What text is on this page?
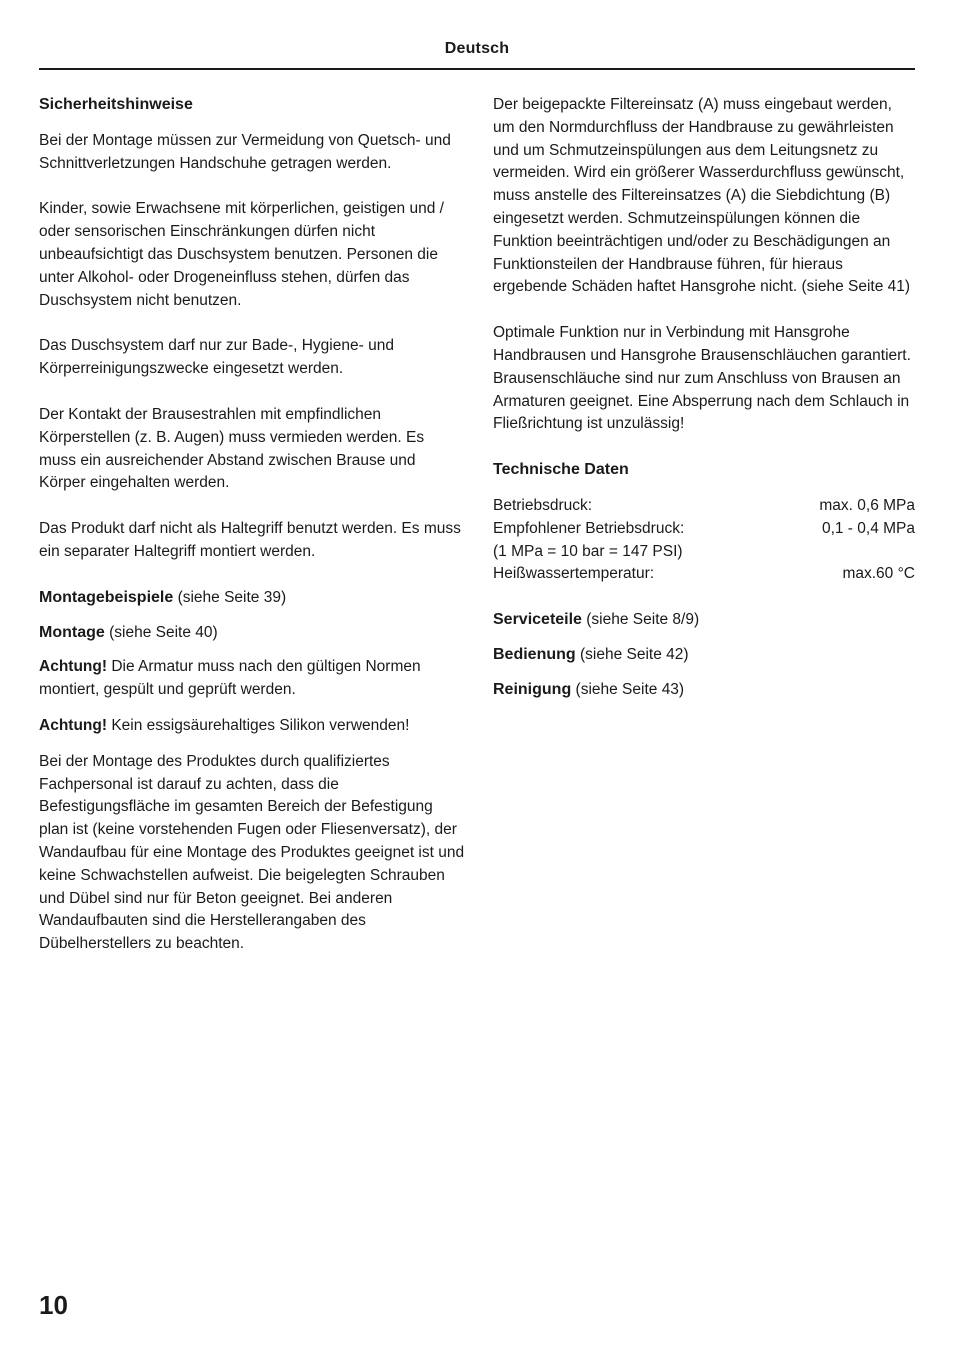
Deutsch
Sicherheitshinweise

Bei der Montage müssen zur Vermeidung von Quetsch- und Schnittverletzungen Handschuhe getragen werden.

Kinder, sowie Erwachsene mit körperlichen, geistigen und / oder sensorischen Einschränkungen dürfen nicht unbeaufsichtigt das Duschsystem benutzen. Personen die unter Alkohol- oder Drogeneinfluss stehen, dürfen das Duschsystem nicht benutzen.

Das Duschsystem darf nur zur Bade-, Hygiene- und Körperreinigungszwecke eingesetzt werden.

Der Kontakt der Brausestrahlen mit empfindlichen Körperstellen (z. B. Augen) muss vermieden werden. Es muss ein ausreichender Abstand zwischen Brause und Körper eingehalten werden.

Das Produkt darf nicht als Haltegriff benutzt werden. Es muss ein separater Haltegriff montiert werden.

Montagebeispiele (siehe Seite 39)

Montage (siehe Seite 40)

Achtung! Die Armatur muss nach den gültigen Normen montiert, gespült und geprüft werden.

Achtung! Kein essigsäurehaltiges Silikon verwenden!

Bei der Montage des Produktes durch qualifiziertes Fachpersonal ist darauf zu achten, dass die Befestigungsfläche im gesamten Bereich der Befestigung plan ist (keine vorstehenden Fugen oder Fliesenversatz), der Wandaufbau für eine Montage des Produktes geeignet ist und keine Schwachstellen aufweist. Die beigelegten Schrauben und Dübel sind nur für Beton geeignet. Bei anderen Wandaufbauten sind die Herstellerangaben des Dübelherstellers zu beachten.

Der beigepackte Filtereinsatz (A) muss eingebaut werden, um den Normdurchfluss der Handbrause zu gewährleisten und um Schmutzeinspülungen aus dem Leitungsnetz zu vermeiden. Wird ein größerer Wasserdurchfluss gewünscht, muss anstelle des Filtereinsatzes (A) die Siebdichtung (B) eingesetzt werden. Schmutzeinspülungen können die Funktion beeinträchtigen und/oder zu Beschädigungen an Funktionsteilen der Handbrause führen, für hieraus ergebende Schäden haftet Hansgrohe nicht. (siehe Seite 41)

Optimale Funktion nur in Verbindung mit Hansgrohe Handbrausen und Hansgrohe Brausenschläuchen garantiert. Brausenschläuche sind nur zum Anschluss von Brausen an Armaturen geeignet. Eine Absperrung nach dem Schlauch in Fließrichtung ist unzulässig!

Technische Daten
Betriebsdruck:	max. 0,6 MPa
Empfohlener Betriebsdruck:	0,1 - 0,4 MPa
(1 MPa = 10 bar = 147 PSI)
Heißwassertemperatur:	max.60 °C

Serviceteile (siehe Seite 8/9)

Bedienung (siehe Seite 42)

Reinigung (siehe Seite 43)

10
